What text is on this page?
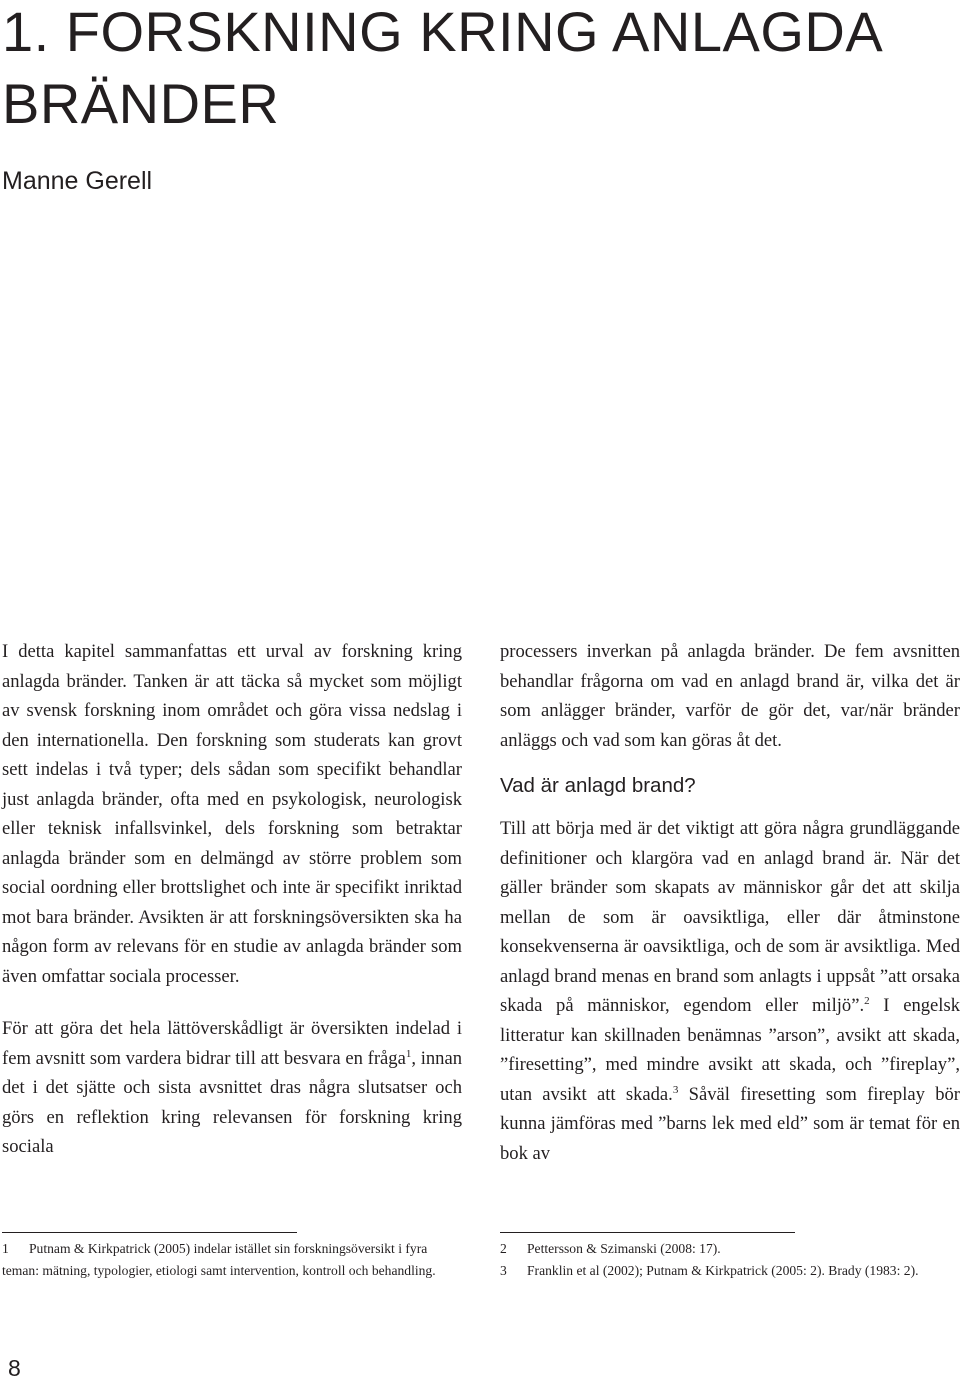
1. FORSKNING KRING ANLAGDA
BRÄNDER

Manne Gerell

I detta kapitel sammanfattas ett urval av forskning kring anlagda bränder. Tanken är att täcka så mycket som möjligt av svensk forskning inom området och göra vissa nedslag i den internationella. Den forskning som studerats kan grovt sett indelas i två typer; dels sådan som specifikt behandlar just anlagda bränder, ofta med en psykologisk, neurologisk eller teknisk infallsvinkel, dels forskning som betraktar anlagda bränder som en delmängd av större problem som social oordning eller brottslighet och inte är specifikt inriktad mot bara bränder. Avsikten är att forskningsöversikten ska ha någon form av relevans för en studie av anlagda bränder som även omfattar sociala processer.

För att göra det hela lättöverskådligt är översikten indelad i fem avsnitt som vardera bidrar till att besvara en fråga$^1$, innan det i det sjätte och sista avsnittet dras några slutsatser och görs en reflektion kring relevansen för forskning kring sociala

processers inverkan på anlagda bränder. De fem avsnitten behandlar frågorna om vad en anlagd brand är, vilka det är som anlägger bränder, varför de gör det, var/när bränder anläggs och vad som kan göras åt det.

Vad är anlagd brand?

Till att börja med är det viktigt att göra några grundläggande definitioner och klargöra vad en anlagd brand är. När det gäller bränder som skapats av människor går det att skilja mellan de som är oavsiktliga, eller där åtminstone konsekvenserna är oavsiktliga, och de som är avsiktliga. Med anlagd brand menas en brand som anlagts i uppsåt ”att orsaka skada på människor, egendom eller miljö”.$^2$ I engelsk litteratur kan skillnaden benämnas ”arson”, avsikt att skada, ”firesetting”, med mindre avsikt att skada, och ”fireplay”, utan avsikt att skada.$^3$ Såväl firesetting som fireplay bör kunna jämföras med ”barns lek med eld” som är temat för en bok av

1 Putnam & Kirkpatrick (2005) indelar istället sin forskningsöversikt i fyra teman: mätning, typologier, etiologi samt intervention, kontroll och behandling.

2 Pettersson & Szimanski (2008: 17).

3 Franklin et al (2002); Putnam & Kirkpatrick (2005: 2). Brady (1983: 2).

8
